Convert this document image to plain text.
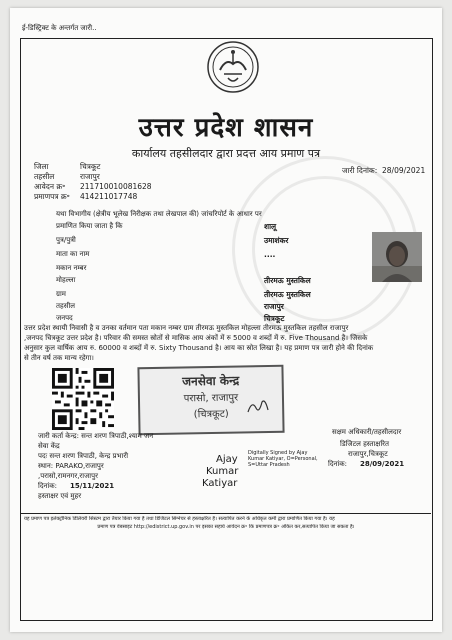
ई-डिस्ट्रिक्ट के अन्तर्गत जारी..
उत्तर प्रदेश शासन
कार्यालय तहसीलदार द्वारा प्रदत्त आय प्रमाण पत्र
जिला	चित्रकूट
तहसील	राजापुर
आवेदन क्र॰ 211710010081628
प्रमाणपत्र क्र॰ 414211017748
जारी दिनांक: 28/09/2021
यथा विभागीय (क्षेत्रीय भूलेख निरीक्षक तथा लेखपाल की) जांचरिपोर्ट के आधार पर
प्रमाणित किया जाता है कि	शालू
पुत्र/पुत्री	उमाशंकर
माता का नाम	....
मकान नम्बर
मोहल्ला	तीरमऊ मुस्तकिल
ग्राम	तीरमऊ मुस्तकिल
तहसील	राजापुर
जनपद	चित्रकूट
उत्तर प्रदेश स्थायी निवासी है व उनका वर्तमान पता मकान नम्बर ग्राम तीरमऊ मुस्तकिल मोहल्ला तीरमऊ मुस्तकिल तहसील राजापुर
,जनपद चित्रकूट उत्तर प्रदेश है। परिवार की समस्त स्रोतों से मासिक आय अंकों में रु 5000 व शब्दों में रु. Five Thousand है। जिसके
अनुसार कुल वार्षिक आय रु. 60000 व शब्दों में रु. Sixty Thousand है। आय का स्रोत लिखा है। यह प्रमाण पत्र जारी होने की दिनांक
से तीन वर्ष तक मान्य रहेगा।
जनसेवा केन्द्र
परासो, राजापुर
(चित्रकूट)
जारी कर्ता केन्द्र: सन्त शरण त्रिपाठी,श्याम जन
सेवा केंद्र
पदः सन्त शरण त्रिपाठी, केन्द्र प्रभारी
स्थान: PARAKO,राजापुर
,परासो,रामनगर,राजापुर
दिनांक: 15/11/2021
हस्ताक्षर एवं मुहर
Ajay
Kumar
Katiyar
Digitally Signed by Ajay
Kumar Katiyar, O=Personal,
S=Uttar Pradesh
सक्षम अधिकारी/तहसीलदार
डिजिटल हस्ताक्षरित
राजापुर,चित्रकूट
दिनांक: 28/09/2021
यह प्रमाण पत्र इलेक्ट्रॉनिक डिलिवरी सिस्टम द्वारा तैयार किया गया है तथा डिजिटल सिग्नेचर से हस्ताक्षरित है। सत्यापित करने के अधिकृत कर्मी द्वारा प्रमाणित किया गया है। यह
प्रमाण पत्र वेबसाइट http://edistrict.up.gov.in पर इसका सहाये आवेदन क्र॰ कि प्रमाणपत्र क्र॰ अंकित कर,सत्यापित किया जा सकता है।
